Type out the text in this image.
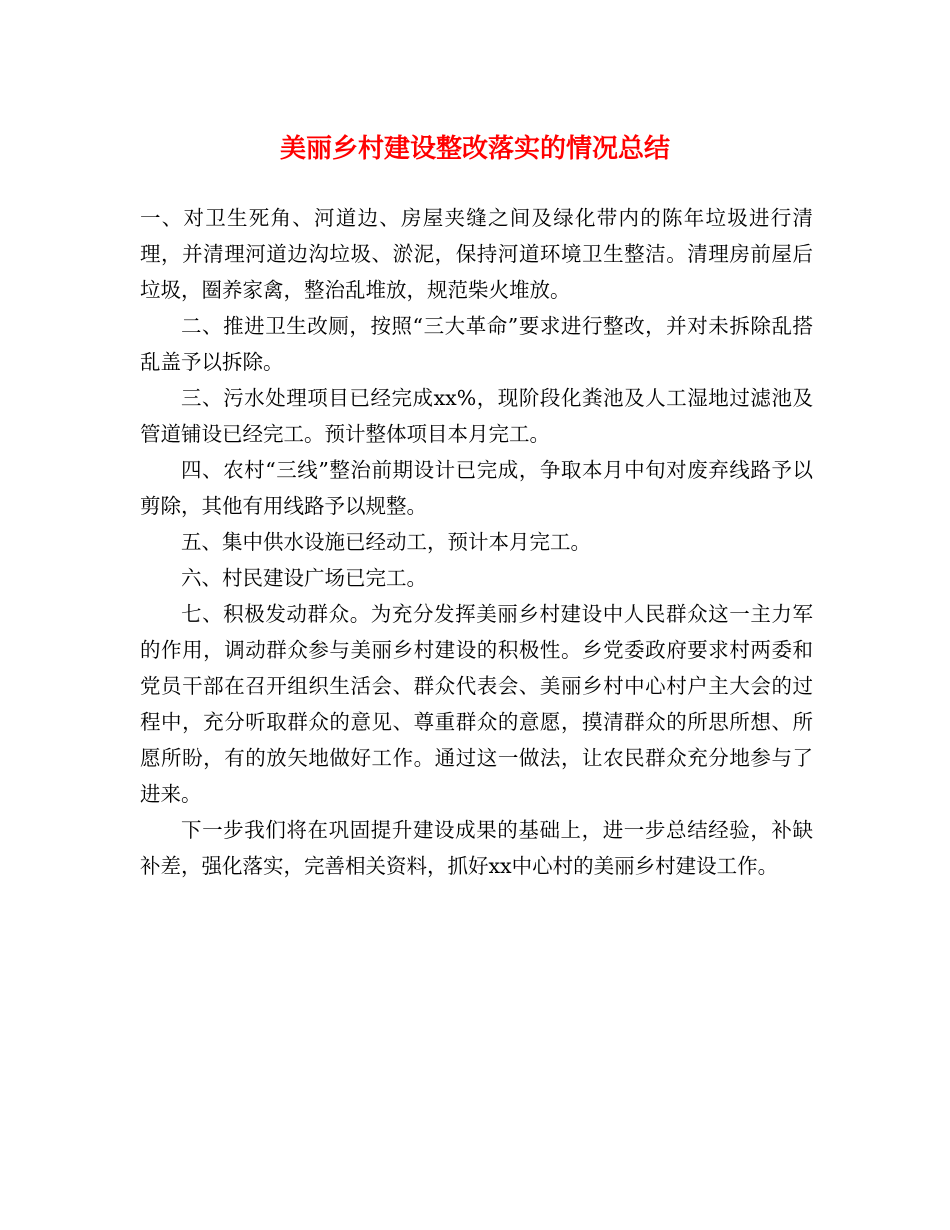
美丽乡村建设整改落实的情况总结

一、对卫生死角、河道边、房屋夹缝之间及绿化带内的陈年垃圾进行清理，并清理河道边沟垃圾、淤泥，保持河道环境卫生整洁。清理房前屋后垃圾，圈养家禽，整治乱堆放，规范柴火堆放。

二、推进卫生改厕，按照“三大革命”要求进行整改，并对未拆除乱搭乱盖予以拆除。

三、污水处理项目已经完成xx%，现阶段化粪池及人工湿地过滤池及管道铺设已经完工。预计整体项目本月完工。

四、农村“三线”整治前期设计已完成，争取本月中旬对废弃线路予以剪除，其他有用线路予以规整。

五、集中供水设施已经动工，预计本月完工。

六、村民建设广场已完工。

七、积极发动群众。为充分发挥美丽乡村建设中人民群众这一主力军的作用，调动群众参与美丽乡村建设的积极性。乡党委政府要求村两委和党员干部在召开组织生活会、群众代表会、美丽乡村中心村户主大会的过程中，充分听取群众的意见、尊重群众的意愿，摸清群众的所思所想、所愿所盼，有的放矢地做好工作。通过这一做法，让农民群众充分地参与了进来。

下一步我们将在巩固提升建设成果的基础上，进一步总结经验，补缺补差，强化落实，完善相关资料，抓好xx中心村的美丽乡村建设工作。
